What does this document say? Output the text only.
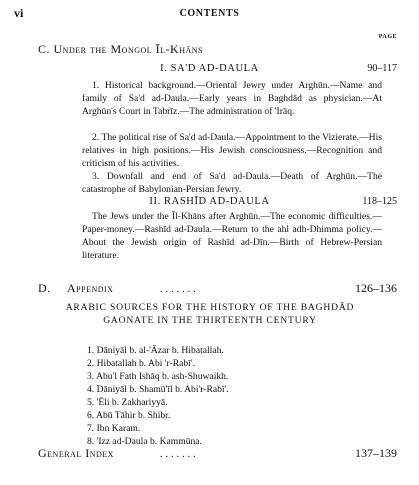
vi	CONTENTS
PAGE
C. Under the Mongol Īl-Khāns
I. SA'D AD-DAULA	90–117
1. Historical background.—Oriental Jewry under Arghūn.—Name and family of Sa'd ad-Daula.—Early years in Baghdād as physician.—At Arghūn's Court in Tabrīz.—The administration of 'Irāq.
2. The political rise of Sa'd ad-Daula.—Appointment to the Vizierate.—His relatives in high positions.—His Jewish consciousness.—Recognition and criticism of his activities.
3. Downfall and end of Sa'd ad-Daula.—Death of Arghūn.—The catastrophe of Babylonian-Persian Jewry.
II. RASHĪD AD-DAULA	118–125
The Jews under the Īl-Khāns after Arghūn.—The economic difficulties.—Paper-money.—Rashīd ad-Daula.—Return to the ahl adh-Dhimma policy.—About the Jewish origin of Rashīd ad-Dīn.—Birth of Hebrew-Persian literature.
D. Appendix	. . . . . . .	126–136
ARABIC SOURCES FOR THE HISTORY OF THE BAGHDĀD GAONATE IN THE THIRTEENTH CENTURY
1. Dāniyāl b. al-'Āzar b. Hibatallah.
2. Hibatallah b. Abi 'r-Rabī'.
3. Abu'l Fath Ishāq b. ash-Shuwaikh.
4. Dāniyāl b. Shamū'īl b. Abi'r-Rabī'.
5. 'Ēli b. Zakhariyyā.
6. Abū Tāhir b. Shibr.
7. Ibn Karam.
8. 'Izz ad-Daula b. Kammūna.
General Index	. . . . . . .	137–139
